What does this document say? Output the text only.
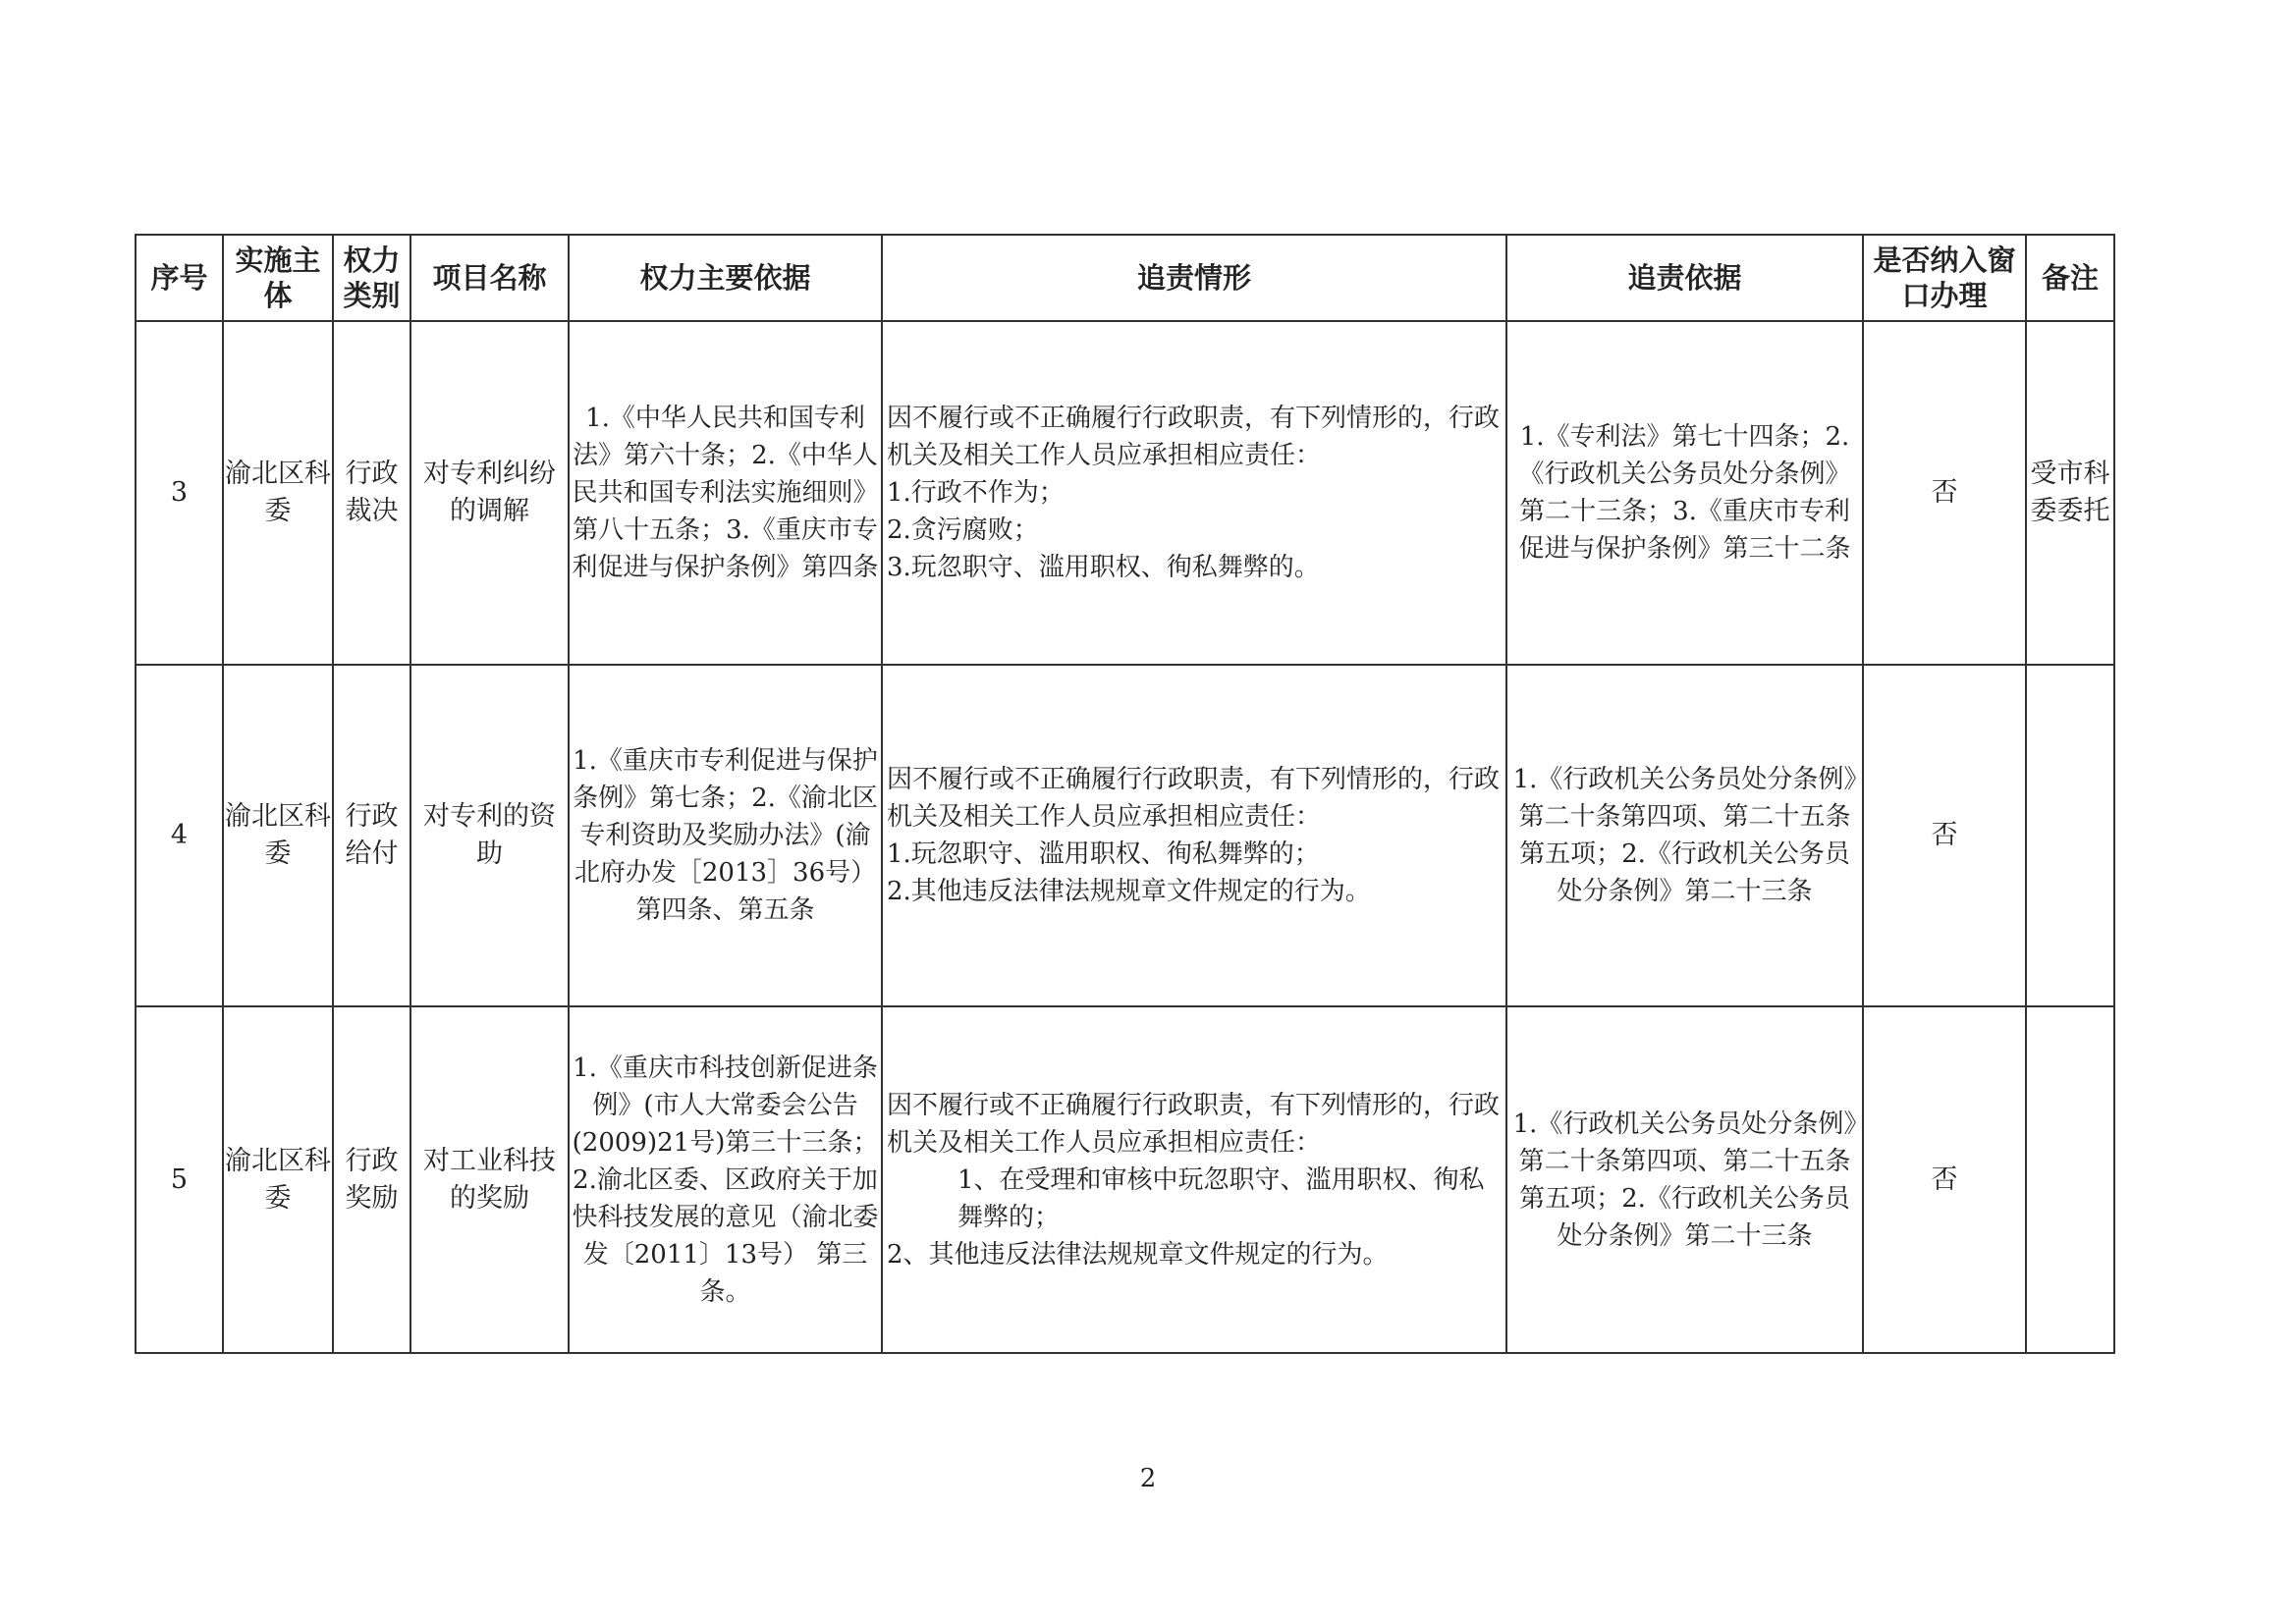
序号	实施主体	权力类别	项目名称	权力主要依据	追责情形	追责依据	是否纳入窗口办理	备注
3	渝北区科委	行政裁决	对专利纠纷的调解	1.《中华人民共和国专利法》第六十条；2.《中华人民共和国专利法实施细则》第八十五条；3.《重庆市专利促进与保护条例》第四条	因不履行或不正确履行行政职责，有下列情形的，行政机关及相关工作人员应承担相应责任：
1.行政不作为；
2.贪污腐败；
3.玩忽职守、滥用职权、徇私舞弊的。	1.《专利法》第七十四条；2.《行政机关公务员处分条例》第二十三条；3.《重庆市专利促进与保护条例》第三十二条	否	受市科委委托
4	渝北区科委	行政给付	对专利的资助	1.《重庆市专利促进与保护条例》第七条；2.《渝北区专利资助及奖励办法》(渝北府办发［2013］36号）第四条、第五条	因不履行或不正确履行行政职责，有下列情形的，行政机关及相关工作人员应承担相应责任：
1.玩忽职守、滥用职权、徇私舞弊的；
2.其他违反法律法规规章文件规定的行为。	1.《行政机关公务员处分条例》第二十条第四项、第二十五条第五项；2.《行政机关公务员处分条例》第二十三条	否	
5	渝北区科委	行政奖励	对工业科技的奖励	1.《重庆市科技创新促进条例》(市人大常委会公告(2009)21号)第三十三条；2.渝北区委、区政府关于加快科技发展的意见（渝北委发〔2011〕13号） 第三条。	因不履行或不正确履行行政职责，有下列情形的，行政机关及相关工作人员应承担相应责任：
1、在受理和审核中玩忽职守、滥用职权、徇私舞弊的；
2、其他违反法律法规规章文件规定的行为。	1.《行政机关公务员处分条例》第二十条第四项、第二十五条第五项；2.《行政机关公务员处分条例》第二十三条	否	
2
